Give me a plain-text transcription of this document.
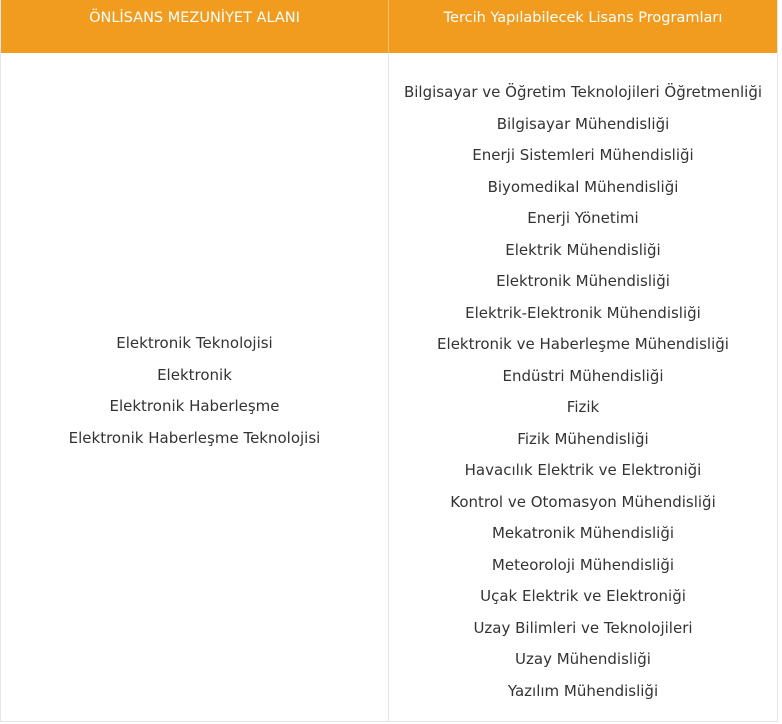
ÖNLİSANS MEZUNİYET ALANI	Tercih Yapılabilecek Lisans Programları
Elektronik Teknolojisi
Elektronik
Elektronik Haberleşme
Elektronik Haberleşme Teknolojisi
Bilgisayar ve Öğretim Teknolojileri Öğretmenliği
Bilgisayar Mühendisliği
Enerji Sistemleri Mühendisliği
Biyomedikal Mühendisliği
Enerji Yönetimi
Elektrik Mühendisliği
Elektronik Mühendisliği
Elektrik-Elektronik Mühendisliği
Elektronik ve Haberleşme Mühendisliği
Endüstri Mühendisliği
Fizik
Fizik Mühendisliği
Havacılık Elektrik ve Elektroniği
Kontrol ve Otomasyon Mühendisliği
Mekatronik Mühendisliği
Meteoroloji Mühendisliği
Uçak Elektrik ve Elektroniği
Uzay Bilimleri ve Teknolojileri
Uzay Mühendisliği
Yazılım Mühendisliği
